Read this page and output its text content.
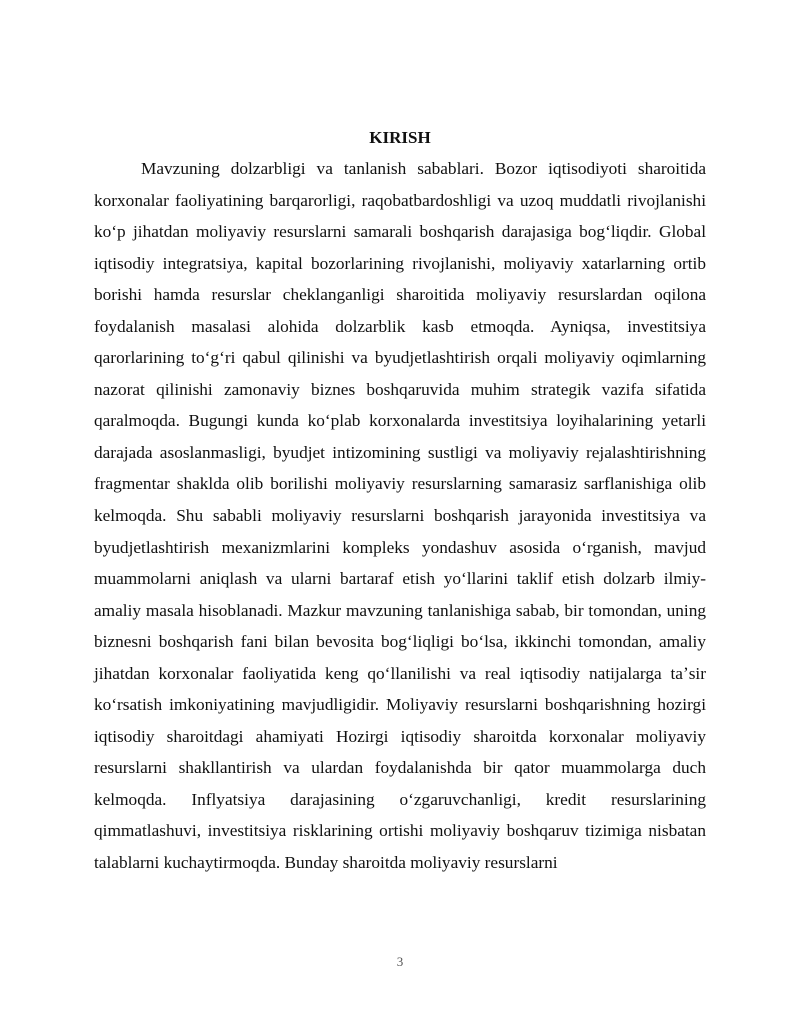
KIRISH

Mavzuning dolzarbligi va tanlanish sabablari. Bozor iqtisodiyoti sharoitida korxonalar faoliyatining barqarorligi, raqobatbardoshligi va uzoq muddatli rivojlanishi koʻp jihatdan moliyaviy resurslarni samarali boshqarish darajasiga bogʻliqdir. Global iqtisodiy integratsiya, kapital bozorlarining rivojlanishi, moliyaviy xatarlarning ortib borishi hamda resurslar cheklanganligi sharoitida moliyaviy resurslardan oqilona foydalanish masalasi alohida dolzarblik kasb etmoqda. Ayniqsa, investitsiya qarorlarining toʻgʻri qabul qilinishi va byudjetlashtirish orqali moliyaviy oqimlarning nazorat qilinishi zamonaviy biznes boshqaruvida muhim strategik vazifa sifatida qaralmoqda. Bugungi kunda koʻplab korxonalarda investitsiya loyihalarining yetarli darajada asoslanmasligi, byudjet intizomining sustligi va moliyaviy rejalashtirishning fragmentar shaklda olib borilishi moliyaviy resurslarning samarasiz sarflanishiga olib kelmoqda. Shu sababli moliyaviy resurslarni boshqarish jarayonida investitsiya va byudjetlashtirish mexanizmlarini kompleks yondashuv asosida oʻrganish, mavjud muammolarni aniqlash va ularni bartaraf etish yoʻllarini taklif etish dolzarb ilmiy-amaliy masala hisoblanadi. Mazkur mavzuning tanlanishiga sabab, bir tomondan, uning biznesni boshqarish fani bilan bevosita bogʻliqligi boʻlsa, ikkinchi tomondan, amaliy jihatdan korxonalar faoliyatida keng qoʻllanilishi va real iqtisodiy natijalarga taʼsir koʻrsatish imkoniyatining mavjudligidir. Moliyaviy resurslarni boshqarishning hozirgi iqtisodiy sharoitdagi ahamiyati Hozirgi iqtisodiy sharoitda korxonalar moliyaviy resurslarni shakllantirish va ulardan foydalanishda bir qator muammolarga duch kelmoqda. Inflyatsiya darajasining oʻzgaruvchanligi, kredit resurslarining qimmatlashuvi, investitsiya risklarining ortishi moliyaviy boshqaruv tizimiga nisbatan talablarni kuchaytirmoqda. Bunday sharoitda moliyaviy resurslarni

3
